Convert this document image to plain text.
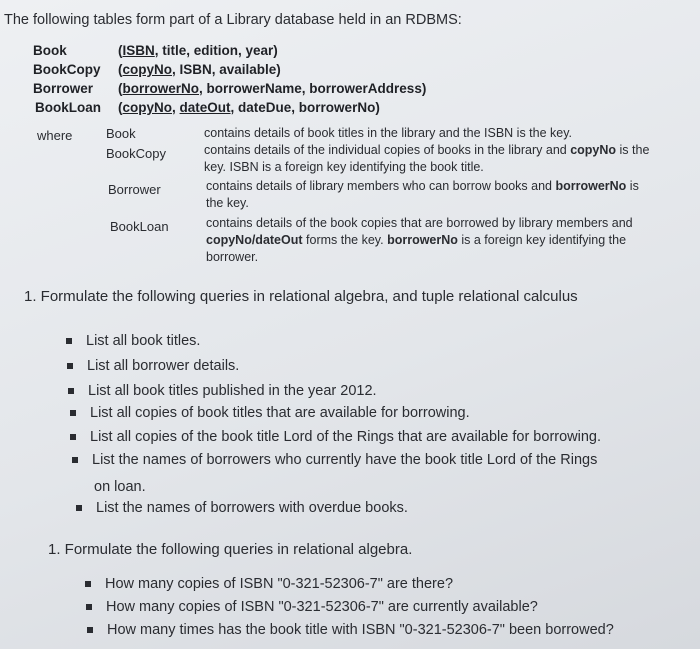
The following tables form part of a Library database held in an RDBMS:
Book	(ISBN, title, edition, year)
BookCopy (copyNo, ISBN, available)
Borrower (borrowerNo, borrowerName, borrowerAddress)
BookLoan (copyNo, dateOut, dateDue, borrowerNo)
where	Book	contains details of book titles in the library and the ISBN is the key.
BookCopy	contains details of the individual copies of books in the library and copyNo is the
key. ISBN is a foreign key identifying the book title.
Borrower	contains details of library members who can borrow books and borrowerNo is
the key.
BookLoan	contains details of the book copies that are borrowed by library members and
copyNo/dateOut forms the key. borrowerNo is a foreign key identifying the
borrower.
1. Formulate the following queries in relational algebra, and tuple relational calculus
List all book titles.
List all borrower details.
List all book titles published in the year 2012.
List all copies of book titles that are available for borrowing.
List all copies of the book title Lord of the Rings that are available for borrowing.
List the names of borrowers who currently have the book title Lord of the Rings
on loan.
List the names of borrowers with overdue books.
1. Formulate the following queries in relational algebra.
How many copies of ISBN "0-321-52306-7" are there?
How many copies of ISBN "0-321-52306-7" are currently available?
How many times has the book title with ISBN "0-321-52306-7" been borrowed?
